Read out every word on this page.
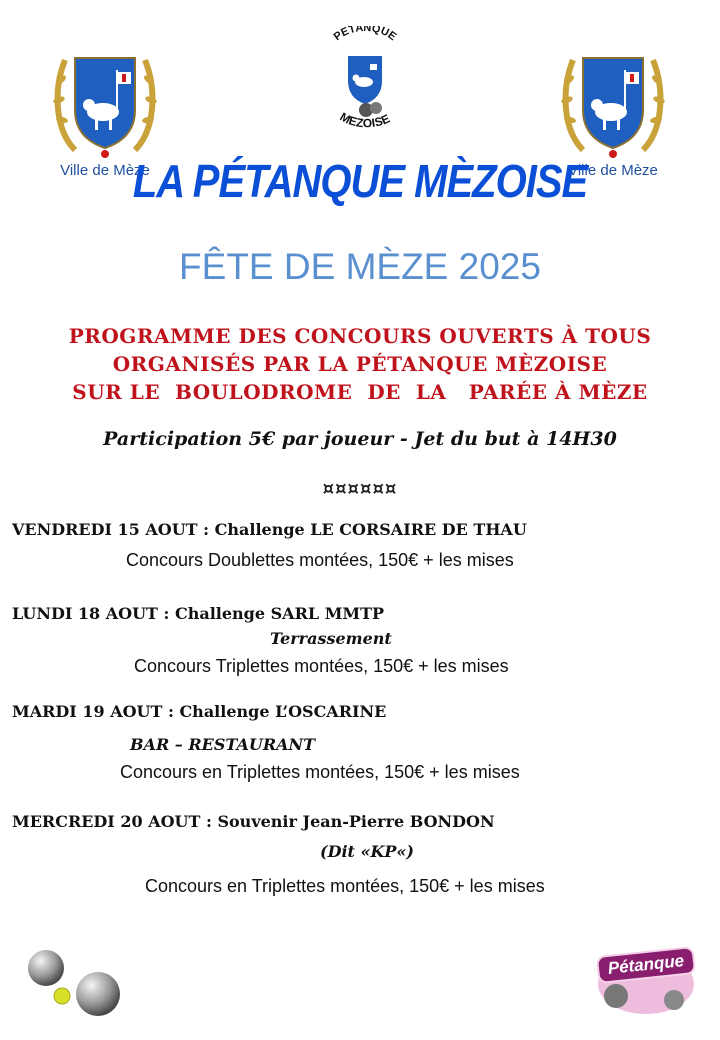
Ville de Mèze	Ville de Mèze
PETANQUE
MEZOISE
LA PÉTANQUE MÈZOISE
FÊTE DE MÈZE 2025
PROGRAMME DES CONCOURS OUVERTS À TOUS
ORGANISÉS PAR LA PÉTANQUE MÈZOISE
SUR LE  BOULODROME  DE  LA   PARÉE À MÈZE
Participation 5€ par joueur - Jet du but à 14H30
¤¤¤¤¤¤
VENDREDI 15 AOUT : Challenge LE CORSAIRE DE THAU
Concours Doublettes montées, 150€ + les mises
LUNDI 18 AOUT : Challenge SARL MMTP
Terrassement
Concours Triplettes montées, 150€ + les mises
MARDI 19 AOUT : Challenge L’OSCARINE
BAR – RESTAURANT
Concours en Triplettes montées, 150€ + les mises
MERCREDI 20 AOUT : Souvenir Jean-Pierre BONDON
(Dit «KP«)
Concours en Triplettes montées, 150€ + les mises
Pétanque
